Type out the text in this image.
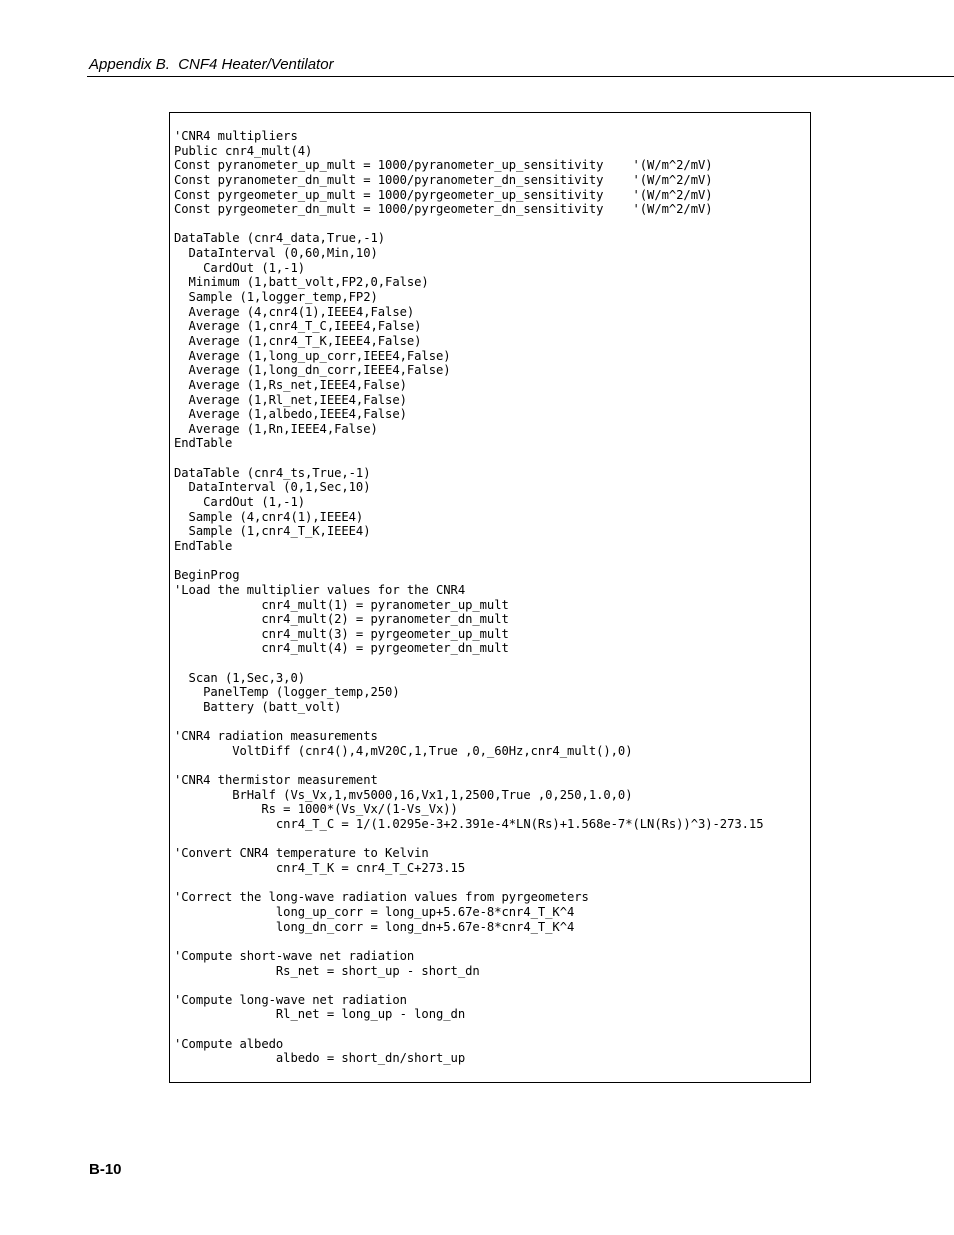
Appendix B.  CNF4 Heater/Ventilator
'CNR4 multipliers
Public cnr4_mult(4)
Const pyranometer_up_mult = 1000/pyranometer_up_sensitivity    '(W/m^2/mV)
Const pyranometer_dn_mult = 1000/pyranometer_dn_sensitivity    '(W/m^2/mV)
Const pyrgeometer_up_mult = 1000/pyrgeometer_up_sensitivity    '(W/m^2/mV)
Const pyrgeometer_dn_mult = 1000/pyrgeometer_dn_sensitivity    '(W/m^2/mV)
DataTable (cnr4_data,True,-1)
DataInterval (0,60,Min,10)
CardOut (1,-1)
Minimum (1,batt_volt,FP2,0,False)
Sample (1,logger_temp,FP2)
Average (4,cnr4(1),IEEE4,False)
Average (1,cnr4_T_C,IEEE4,False)
Average (1,cnr4_T_K,IEEE4,False)
Average (1,long_up_corr,IEEE4,False)
Average (1,long_dn_corr,IEEE4,False)
Average (1,Rs_net,IEEE4,False)
Average (1,Rl_net,IEEE4,False)
Average (1,albedo,IEEE4,False)
Average (1,Rn,IEEE4,False)
EndTable
DataTable (cnr4_ts,True,-1)
DataInterval (0,1,Sec,10)
CardOut (1,-1)
Sample (4,cnr4(1),IEEE4)
Sample (1,cnr4_T_K,IEEE4)
EndTable
BeginProg
'Load the multiplier values for the CNR4
cnr4_mult(1) = pyranometer_up_mult
cnr4_mult(2) = pyranometer_dn_mult
cnr4_mult(3) = pyrgeometer_up_mult
cnr4_mult(4) = pyrgeometer_dn_mult
Scan (1,Sec,3,0)
PanelTemp (logger_temp,250)
Battery (batt_volt)
'CNR4 radiation measurements
VoltDiff (cnr4(),4,mV20C,1,True ,0,_60Hz,cnr4_mult(),0)
'CNR4 thermistor measurement
BrHalf (Vs_Vx,1,mv5000,16,Vx1,1,2500,True ,0,250,1.0,0)
Rs = 1000*(Vs_Vx/(1-Vs_Vx))
cnr4_T_C = 1/(1.0295e-3+2.391e-4*LN(Rs)+1.568e-7*(LN(Rs))^3)-273.15
'Convert CNR4 temperature to Kelvin
cnr4_T_K = cnr4_T_C+273.15
'Correct the long-wave radiation values from pyrgeometers
long_up_corr = long_up+5.67e-8*cnr4_T_K^4
long_dn_corr = long_dn+5.67e-8*cnr4_T_K^4
'Compute short-wave net radiation
Rs_net = short_up - short_dn
'Compute long-wave net radiation
Rl_net = long_up - long_dn
'Compute albedo
albedo = short_dn/short_up
B-10
